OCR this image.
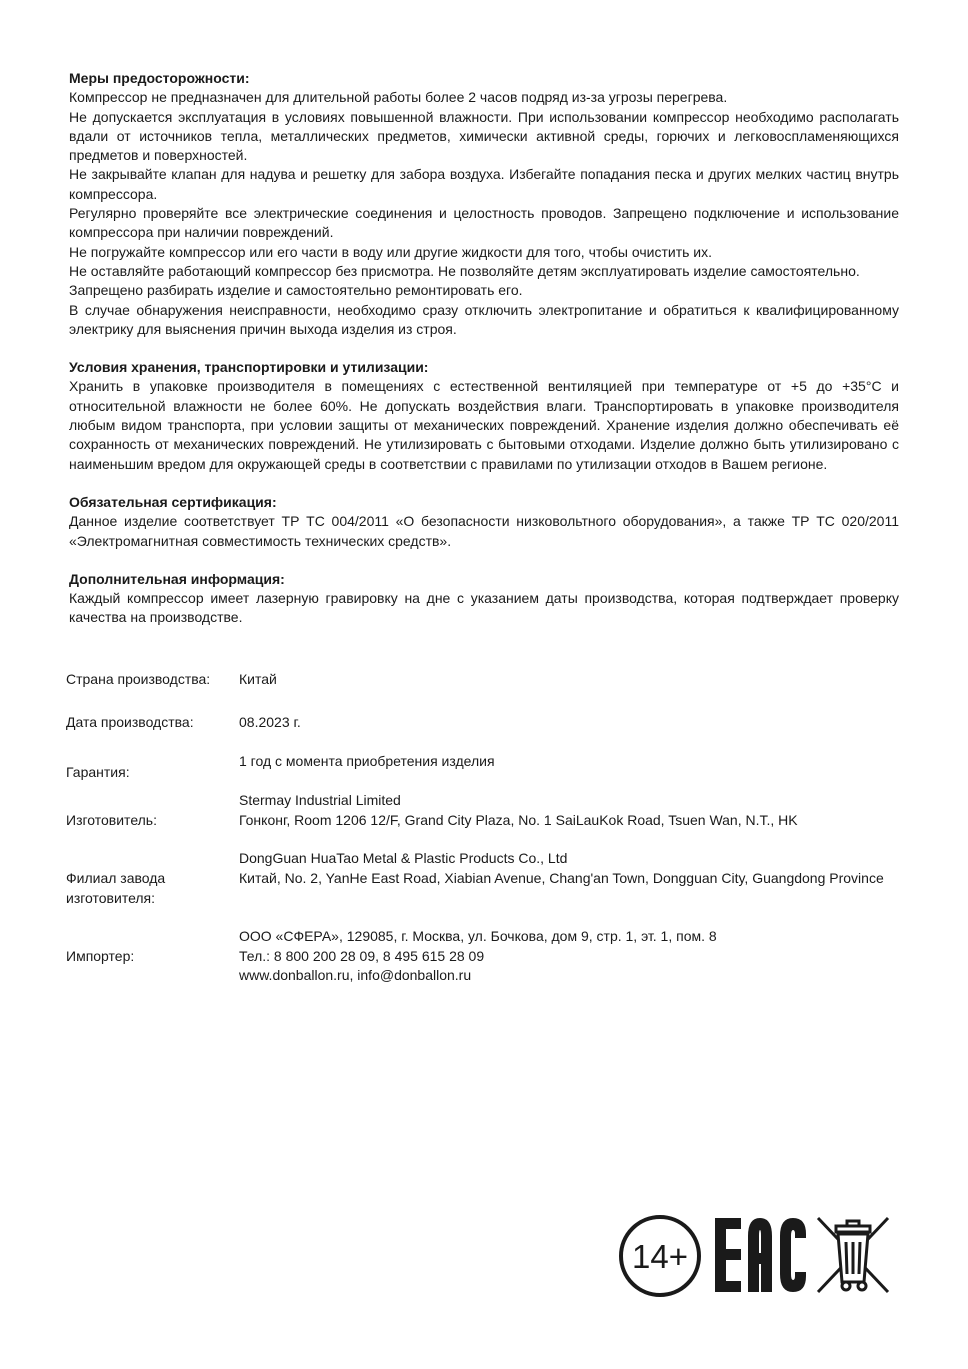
Меры предосторожности:

Компрессор не предназначен для длительной работы более 2 часов подряд из-за угрозы перегрева.

Не допускается эксплуатация в условиях повышенной влажности. При использовании компрессор необходимо располагать вдали от источников тепла, металлических предметов, химически активной среды, горючих и легковоспламеняющихся предметов и поверхностей.

Не закрывайте клапан для надува и решетку для забора воздуха. Избегайте попадания песка и других мелких частиц внутрь компрессора.

Регулярно проверяйте все электрические соединения и целостность проводов. Запрещено подключение и использование компрессора при наличии повреждений.

Не погружайте компрессор или его части в воду или другие жидкости для того, чтобы очистить их.

Не оставляйте работающий компрессор без присмотра. Не позволяйте детям эксплуатировать изделие самостоятельно.

Запрещено разбирать изделие и самостоятельно ремонтировать его.

В случае обнаружения неисправности, необходимо сразу отключить электропитание и обратиться к квалифицированному электрику для выяснения причин выхода изделия из строя.

Условия хранения, транспортировки и утилизации:

Хранить в упаковке производителя в помещениях с естественной вентиляцией при температуре от +5 до +35°С и относительной влажности не более 60%. Не допускать воздействия влаги. Транспортировать в упаковке производителя любым видом транспорта, при условии защиты от механических повреждений. Хранение изделия должно обеспечивать её сохранность от механических повреждений. Не утилизировать с бытовыми отходами. Изделие должно быть утилизировано с наименьшим вредом для окружающей среды в соответствии с правилами по утилизации отходов в Вашем регионе.

Обязательная сертификация:

Данное изделие соответствует ТР ТС 004/2011 «О безопасности низковольтного оборудования», а также ТР ТС 020/2011 «Электромагнитная совместимость технических средств».

Дополнительная информация:

Каждый компрессор имеет лазерную гравировку на дне с указанием даты производства, которая подтверждает проверку качества на производстве.

Страна производства:	Китай
Дата производства:	08.2023 г.
Гарантия:
1 год с момента приобретения изделия
Изготовитель:
Stermay Industrial Limited
Гонконг, Room 1206 12/F, Grand City Plaza, No. 1 SaiLauKok Road, Tsuen Wan, N.T., HK
Филиал завода
изготовителя:
DongGuan HuaTao Metal & Plastic Products Co., Ltd
Китай, No. 2, YanHe East Road, Xiabian Avenue, Chang'an Town, Dongguan City, Guangdong Province
Импортер:
ООО «СФЕРА», 129085, г. Москва, ул. Бочкова, дом 9, стр. 1, эт. 1, пом. 8
Тел.: 8 800 200 28 09, 8 495 615 28 09
www.donballon.ru, info@donballon.ru
14+
